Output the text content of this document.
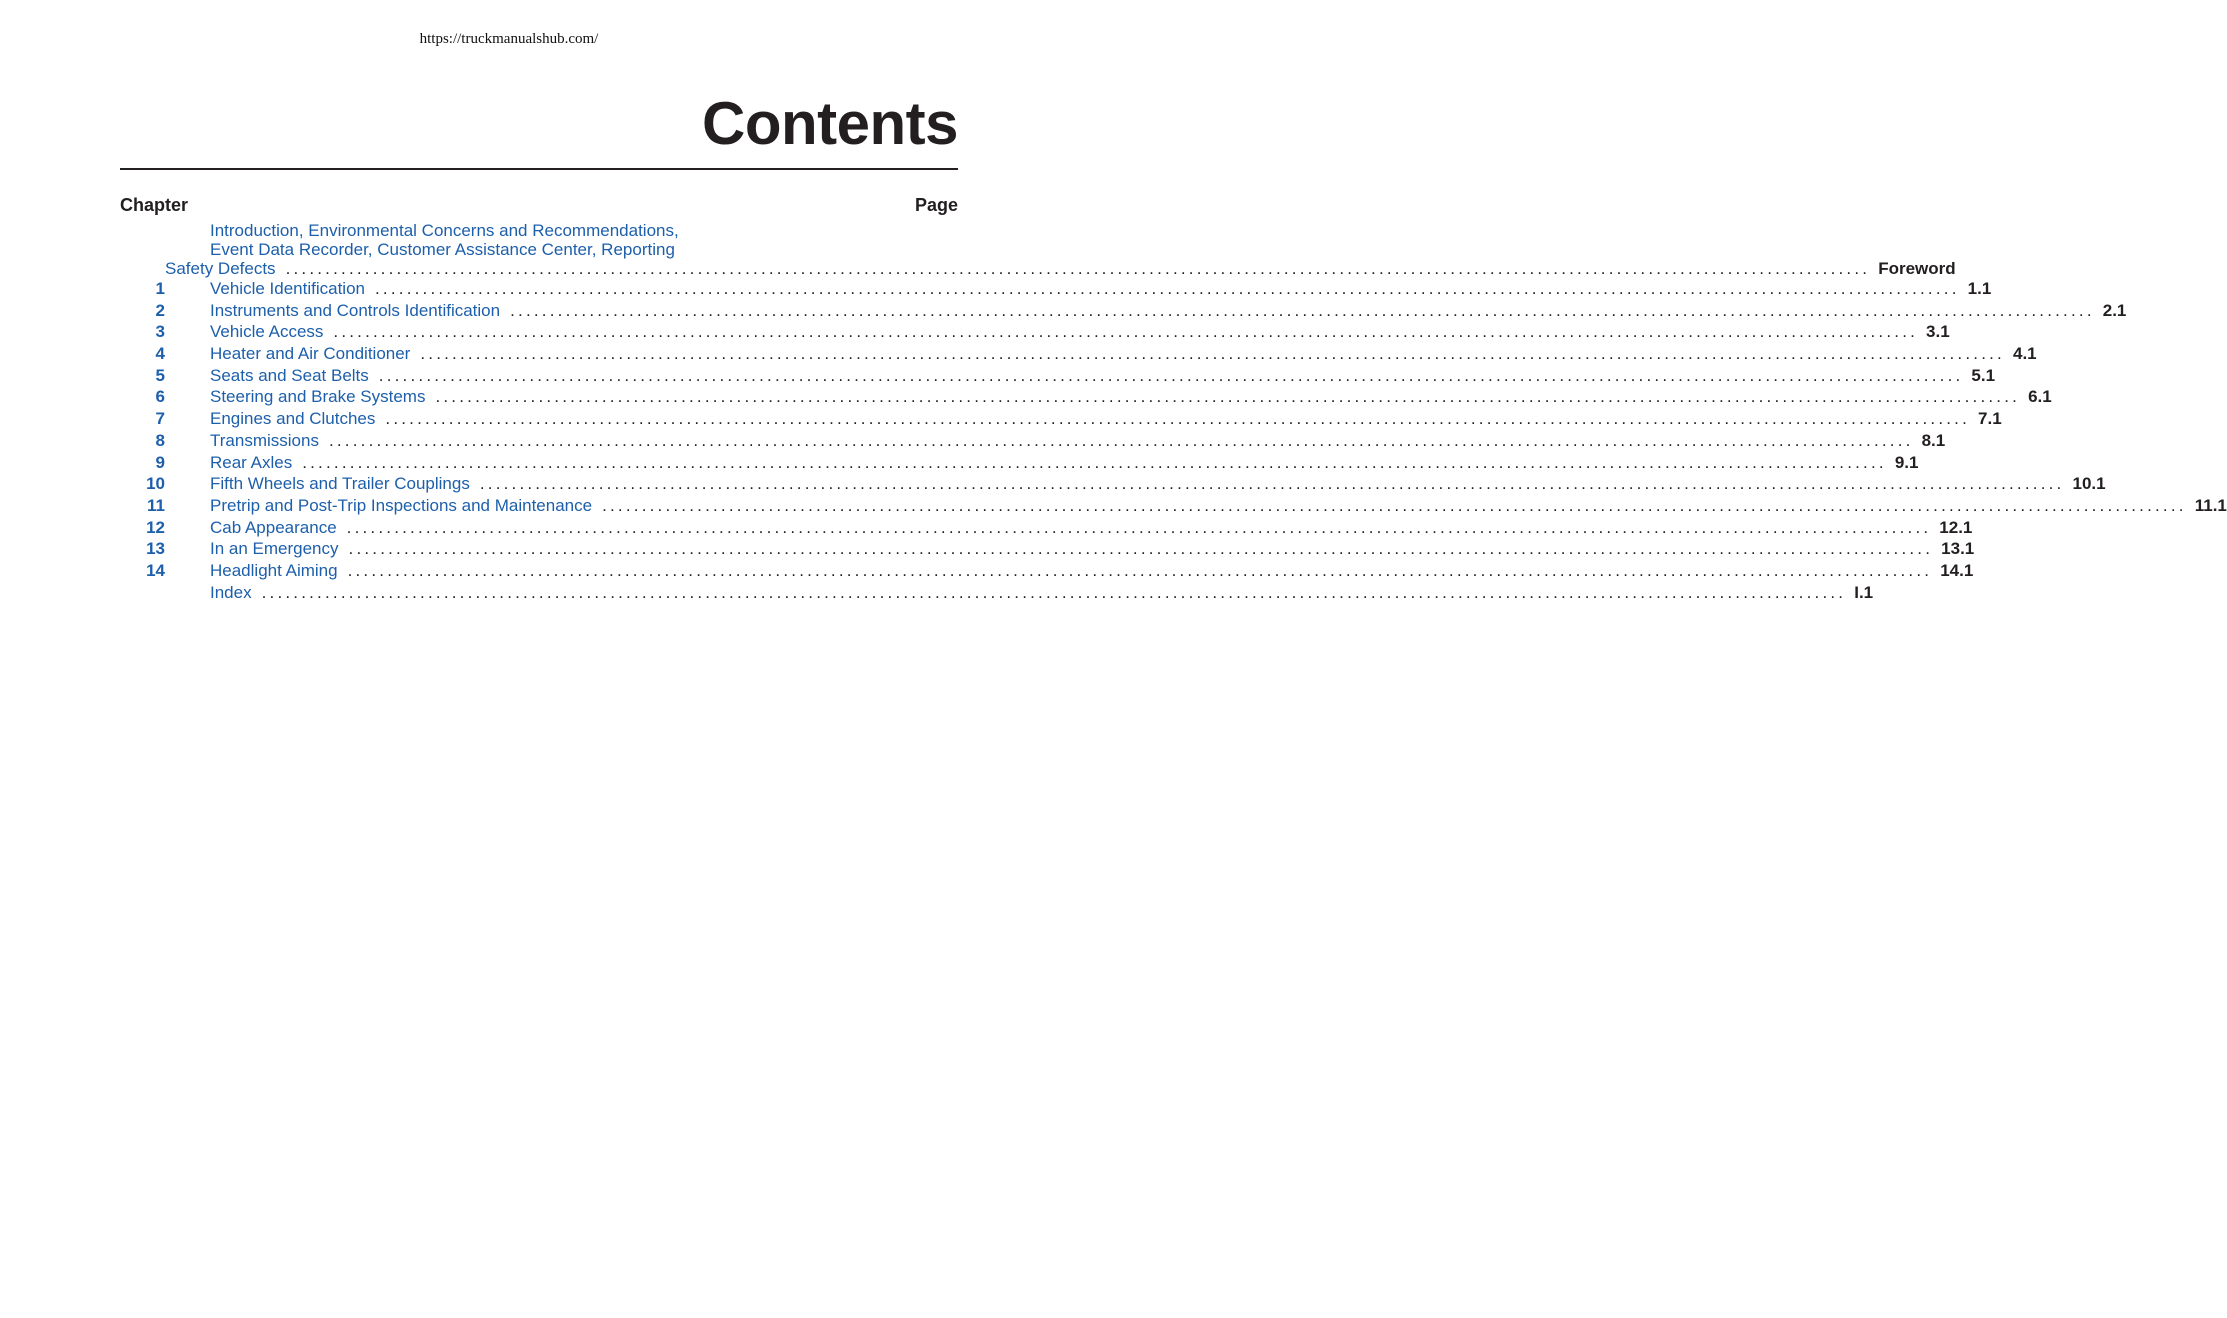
https://truckmanualshub.com/
Contents
Chapter	Page
Introduction, Environmental Concerns and Recommendations,
Event Data Recorder, Customer Assistance Center, Reporting
Safety Defects ........................................................................................................................................................................................................ Foreword
1	Vehicle Identification ........................................................................................................................................................................................................ 1.1
2	Instruments and Controls Identification ........................................................................................................................................................................................................ 2.1
3	Vehicle Access ........................................................................................................................................................................................................ 3.1
4	Heater and Air Conditioner ........................................................................................................................................................................................................ 4.1
5	Seats and Seat Belts ........................................................................................................................................................................................................ 5.1
6	Steering and Brake Systems ........................................................................................................................................................................................................ 6.1
7	Engines and Clutches ........................................................................................................................................................................................................ 7.1
8	Transmissions ........................................................................................................................................................................................................ 8.1
9	Rear Axles ........................................................................................................................................................................................................ 9.1
10	Fifth Wheels and Trailer Couplings ........................................................................................................................................................................................................ 10.1
11	Pretrip and Post-Trip Inspections and Maintenance ........................................................................................................................................................................................................ 11.1
12	Cab Appearance ........................................................................................................................................................................................................ 12.1
13	In an Emergency ........................................................................................................................................................................................................ 13.1
14	Headlight Aiming ........................................................................................................................................................................................................ 14.1
Index ........................................................................................................................................................................................................ I.1
